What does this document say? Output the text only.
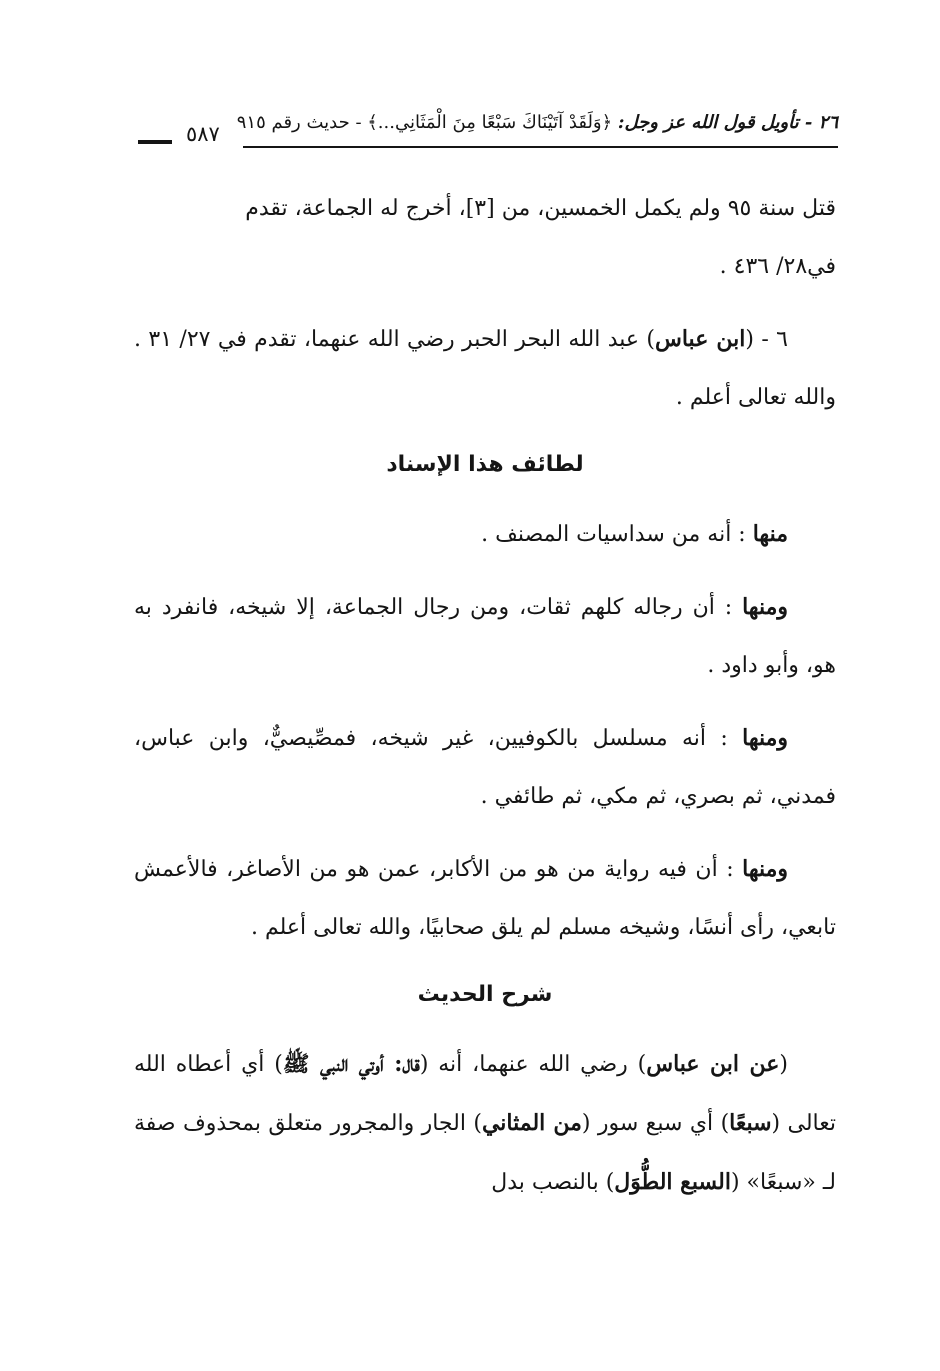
٢٦ - تأويل قول الله عز وجل: ﴿وَلَقَدْ آتَيْنَاكَ سَبْعًا مِنَ الْمَثَانِي...﴾ - حديث رقم ٩١٥
٥٨٧

قتل سنة ٩٥ ولم يكمل الخمسين، من [٣]، أخرج له الجماعة، تقدم
في٢٨/ ٤٣٦ .

٦ - (ابن عباس) عبد الله البحر الحبر رضي الله عنهما، تقدم في ٢٧/ ٣١ . والله تعالى أعلم .

لطائف هذا الإسناد

منها : أنه من سداسيات المصنف .

ومنها : أن رجاله كلهم ثقات، ومن رجال الجماعة، إلا شيخه، فانفرد به هو، وأبو داود .

ومنها : أنه مسلسل بالكوفيين، غير شيخه، فمصِّيصيٌّ، وابن عباس، فمدني، ثم بصري، ثم مكي، ثم طائفي .

ومنها : أن فيه رواية من هو من الأكابر، عمن هو من الأصاغر، فالأعمش تابعي، رأى أنسًا، وشيخه مسلم لم يلق صحابيًا، والله تعالى أعلم .

شرح الحديث

(عن ابن عباس) رضي الله عنهما، أنه (قال: أوتي النبي ﷺ) أي أعطاه الله تعالى (سبعًا) أي سبع سور (من المثاني) الجار والمجرور متعلق بمحذوف صفة لـ «سبعًا» (السبع الطُّوَل) بالنصب بدل
